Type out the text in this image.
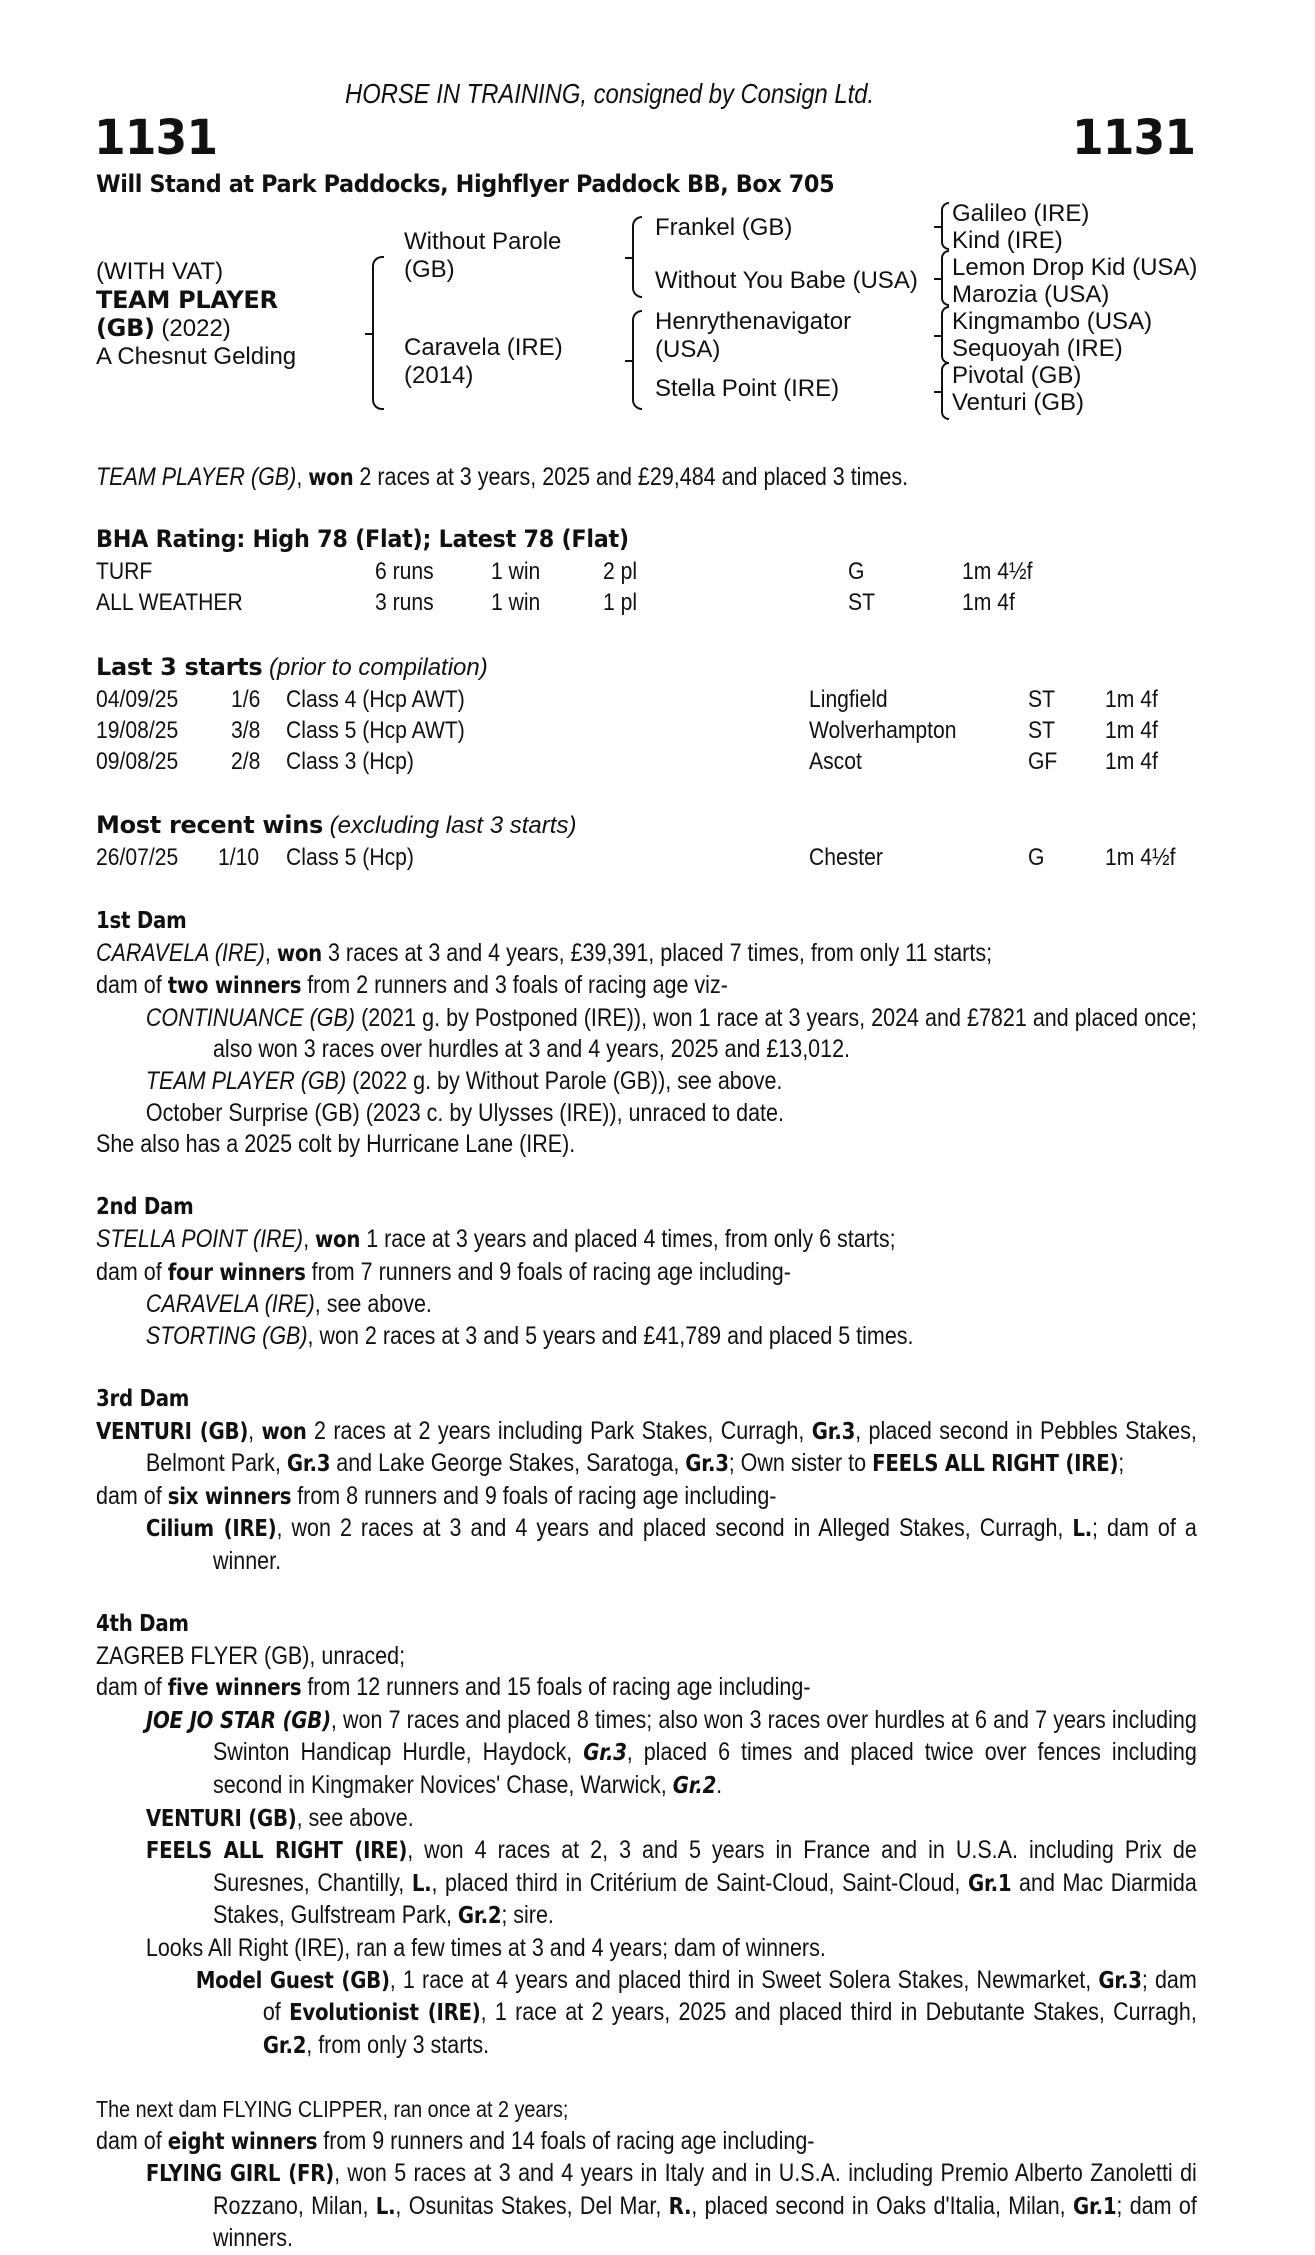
HORSE IN TRAINING, consigned by Consign Ltd.
1131	1131
Will Stand at Park Paddocks, Highflyer Paddock BB, Box 705
(WITH VAT)
TEAM PLAYER
(GB) (2022)
A Chesnut Gelding
Without Parole
(GB)
Caravela (IRE)
(2014)
Frankel (GB)
Without You Babe (USA)
Henrythenavigator
(USA)
Stella Point (IRE)
Galileo (IRE)
Kind (IRE)
Lemon Drop Kid (USA)
Marozia (USA)
Kingmambo (USA)
Sequoyah (IRE)
Pivotal (GB)
Venturi (GB)

TEAM PLAYER (GB), won 2 races at 3 years, 2025 and £29,484 and placed 3 times.

BHA Rating: High 78 (Flat); Latest 78 (Flat)
TURF	6 runs 1 win	2 pl	G	1m 4½f
ALL WEATHER	3 runs 1 win	1 pl	ST	1m 4f
Last 3 starts (prior to compilation)
04/09/25 1/6 Class 4 (Hcp AWT)	Lingfield	ST 1m 4f
19/08/25 3/8 Class 5 (Hcp AWT)	Wolverhampton	ST 1m 4f
09/08/25 2/8 Class 3 (Hcp)	Ascot	GF 1m 4f
Most recent wins (excluding last 3 starts)
26/07/25 1/10 Class 5 (Hcp)	Chester	G	1m 4½f

1st Dam

CARAVELA (IRE), won 3 races at 3 and 4 years, £39,391, placed 7 times, from only 11 starts;

dam of two winners from 2 runners and 3 foals of racing age viz-

CONTINUANCE (GB) (2021 g. by Postponed (IRE)), won 1 race at 3 years, 2024 and £7821 and placed once; also won 3 races over hurdles at 3 and 4 years, 2025 and £13,012.

TEAM PLAYER (GB) (2022 g. by Without Parole (GB)), see above.

October Surprise (GB) (2023 c. by Ulysses (IRE)), unraced to date.

She also has a 2025 colt by Hurricane Lane (IRE).

2nd Dam

STELLA POINT (IRE), won 1 race at 3 years and placed 4 times, from only 6 starts;

dam of four winners from 7 runners and 9 foals of racing age including-

CARAVELA (IRE), see above.

STORTING (GB), won 2 races at 3 and 5 years and £41,789 and placed 5 times.

3rd Dam

VENTURI (GB), won 2 races at 2 years including Park Stakes, Curragh, Gr.3, placed second in Pebbles Stakes, Belmont Park, Gr.3 and Lake George Stakes, Saratoga, Gr.3; Own sister to FEELS ALL RIGHT (IRE);

dam of six winners from 8 runners and 9 foals of racing age including-

Cilium (IRE), won 2 races at 3 and 4 years and placed second in Alleged Stakes, Curragh, L.; dam of a winner.

4th Dam

ZAGREB FLYER (GB), unraced;

dam of five winners from 12 runners and 15 foals of racing age including-

JOE JO STAR (GB), won 7 races and placed 8 times; also won 3 races over hurdles at 6 and 7 years including Swinton Handicap Hurdle, Haydock, Gr.3, placed 6 times and placed twice over fences including second in Kingmaker Novices' Chase, Warwick, Gr.2.

VENTURI (GB), see above.

FEELS ALL RIGHT (IRE), won 4 races at 2, 3 and 5 years in France and in U.S.A. including Prix de Suresnes, Chantilly, L., placed third in Critérium de Saint-Cloud, Saint-Cloud, Gr.1 and Mac Diarmida Stakes, Gulfstream Park, Gr.2; sire.

Looks All Right (IRE), ran a few times at 3 and 4 years; dam of winners.

Model Guest (GB), 1 race at 4 years and placed third in Sweet Solera Stakes, Newmarket, Gr.3; dam of Evolutionist (IRE), 1 race at 2 years, 2025 and placed third in Debutante Stakes, Curragh, Gr.2, from only 3 starts.

The next dam FLYING CLIPPER, ran once at 2 years;

dam of eight winners from 9 runners and 14 foals of racing age including-

FLYING GIRL (FR), won 5 races at 3 and 4 years in Italy and in U.S.A. including Premio Alberto Zanoletti di Rozzano, Milan, L., Osunitas Stakes, Del Mar, R., placed second in Oaks d'Italia, Milan, Gr.1; dam of winners.
